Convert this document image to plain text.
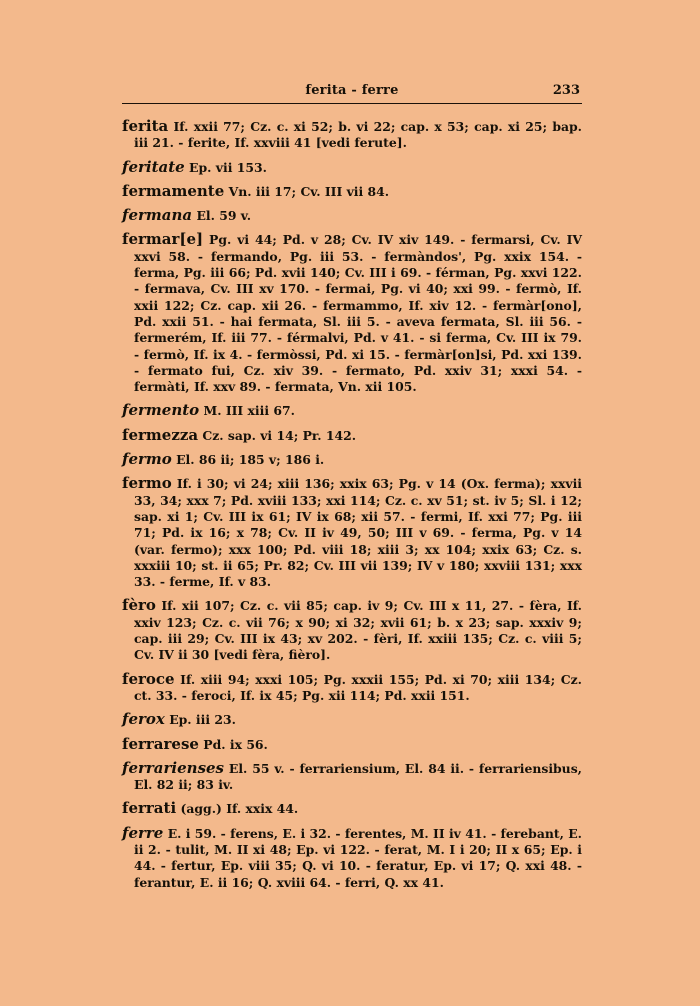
ferita - ferre	233

ferita If. xxii 77; Cz. c. xi 52; b. vi 22; cap. x 53; cap. xi 25; bap. iii 21. - ferite, If. xxviii 41 [vedi ferute].

feritate Ep. vii 153.

fermamente Vn. iii 17; Cv. III vii 84.

fermana El. 59 v.

fermar[e] Pg. vi 44; Pd. v 28; Cv. IV xiv 149. - fermarsi, Cv. IV xxvi 58. - fermando, Pg. iii 53. - fermàndos', Pg. xxix 154. - ferma, Pg. iii 66; Pd. xvii 140; Cv. III i 69. - férman, Pg. xxvi 122. - fermava, Cv. III xv 170. - fermai, Pg. vi 40; xxi 99. - fermò, If. xxii 122; Cz. cap. xii 26. - fermammo, If. xiv 12. - fermàr[ono], Pd. xxii 51. - hai fermata, Sl. iii 5. - aveva fermata, Sl. iii 56. - fermerém, If. iii 77. - férmalvi, Pd. v 41. - si ferma, Cv. III ix 79. - fermò, If. ix 4. - fermòssi, Pd. xi 15. - fermàr[on]si, Pd. xxi 139. - fermato fui, Cz. xiv 39. - fermato, Pd. xxiv 31; xxxi 54. - fermàti, If. xxv 89. - fermata, Vn. xii 105.

fermento M. III xiii 67.

fermezza Cz. sap. vi 14; Pr. 142.

fermo El. 86 ii; 185 v; 186 i.

fermo If. i 30; vi 24; xiii 136; xxix 63; Pg. v 14 (Ox. ferma); xxvii 33, 34; xxx 7; Pd. xviii 133; xxi 114; Cz. c. xv 51; st. iv 5; Sl. i 12; sap. xi 1; Cv. III ix 61; IV ix 68; xii 57. - fermi, If. xxi 77; Pg. iii 71; Pd. ix 16; x 78; Cv. II iv 49, 50; III v 69. - ferma, Pg. v 14 (var. fermo); xxx 100; Pd. viii 18; xiii 3; xx 104; xxix 63; Cz. s. xxxiii 10; st. ii 65; Pr. 82; Cv. III vii 139; IV v 180; xxviii 131; xxx 33. - ferme, If. v 83.

fèro If. xii 107; Cz. c. vii 85; cap. iv 9; Cv. III x 11, 27. - fèra, If. xxiv 123; Cz. c. vii 76; x 90; xi 32; xvii 61; b. x 23; sap. xxxiv 9; cap. iii 29; Cv. III ix 43; xv 202. - fèri, If. xxiii 135; Cz. c. viii 5; Cv. IV ii 30 [vedi fèra, fièro].

feroce If. xiii 94; xxxi 105; Pg. xxxii 155; Pd. xi 70; xiii 134; Cz. ct. 33. - feroci, If. ix 45; Pg. xii 114; Pd. xxii 151.

ferox Ep. iii 23.

ferrarese Pd. ix 56.

ferrarienses El. 55 v. - ferrariensium, El. 84 ii. - ferrariensibus, El. 82 ii; 83 iv.

ferrati (agg.) If. xxix 44.

ferre E. i 59. - ferens, E. i 32. - ferentes, M. II iv 41. - ferebant, E. ii 2. - tulit, M. II xi 48; Ep. vi 122. - ferat, M. I i 20; II x 65; Ep. i 44. - fertur, Ep. viii 35; Q. vi 10. - feratur, Ep. vi 17; Q. xxi 48. - ferantur, E. ii 16; Q. xviii 64. - ferri, Q. xx 41.
